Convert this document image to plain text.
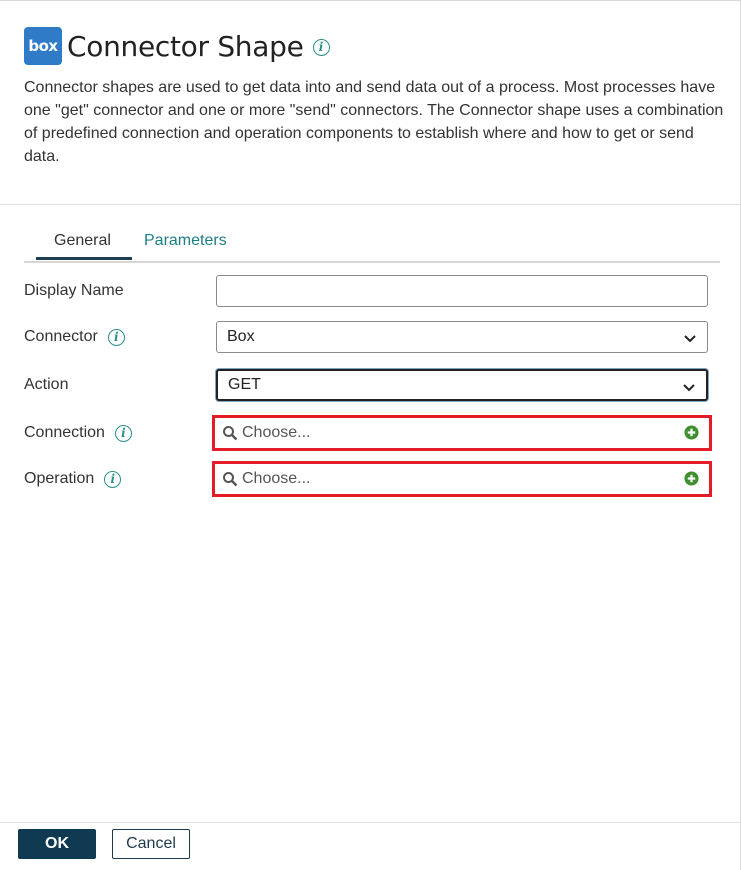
box Connector Shape	i
Connector shapes are used to get data into and send data out of a process. Most processes have one "get" connector and one or more "send" connectors. The Connector shape uses a combination of predefined connection and operation components to establish where and how to get or send data.
General	Parameters
Display Name
Connector	i	Box
Action	GET
Connection	i	Choose...
Operation	i	Choose...
OK	Cancel
